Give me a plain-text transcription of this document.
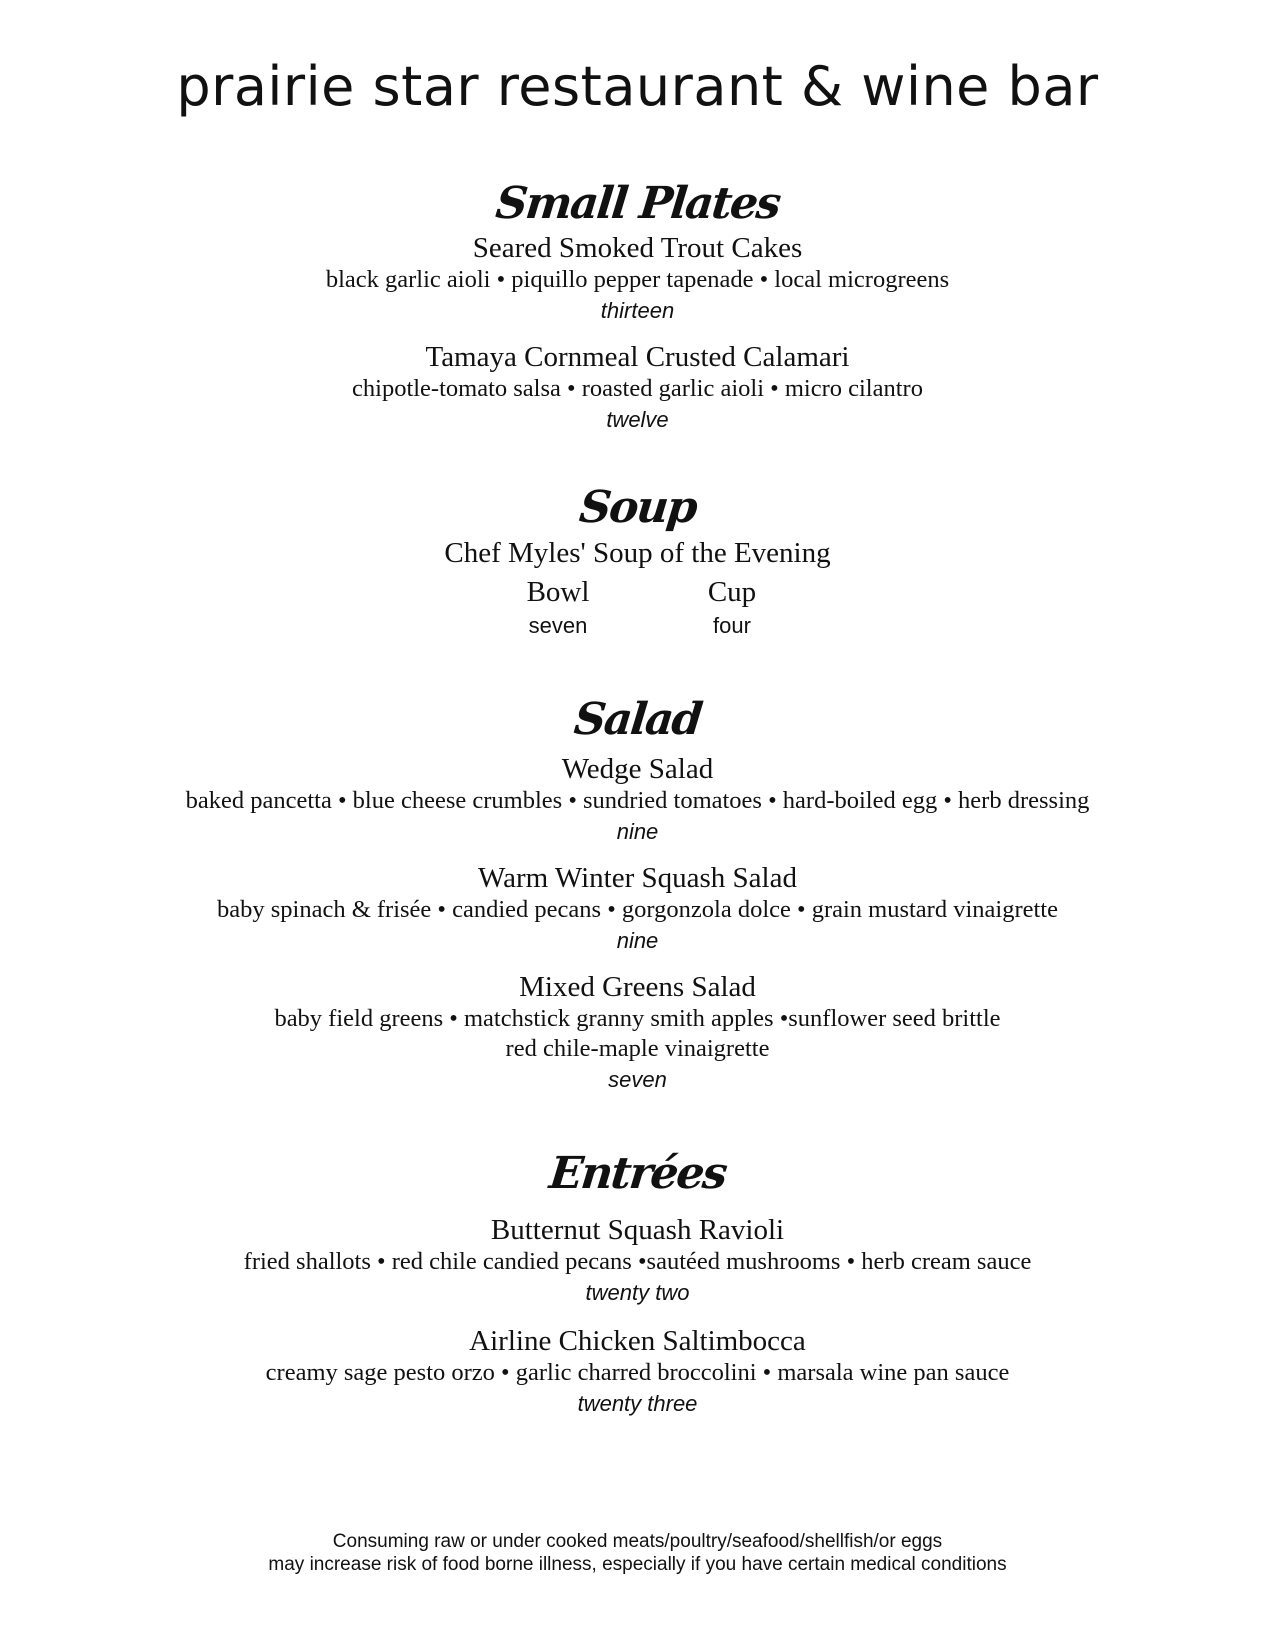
prairie star restaurant & wine bar
Small Plates
Seared Smoked Trout Cakes
black garlic aioli • piquillo pepper tapenade • local microgreens
thirteen
Tamaya Cornmeal Crusted Calamari
chipotle-tomato salsa • roasted garlic aioli • micro cilantro
twelve
Soup
Chef Myles' Soup of the Evening
Bowl
seven
Cup
four
Salad
Wedge Salad
baked pancetta • blue cheese crumbles • sundried tomatoes • hard-boiled egg • herb dressing
nine
Warm Winter Squash Salad
baby spinach & frisée • candied pecans • gorgonzola dolce • grain mustard vinaigrette
nine
Mixed Greens Salad
baby field greens • matchstick granny smith apples •sunflower seed brittle
red chile-maple vinaigrette
seven
Entrées
Butternut Squash Ravioli
fried shallots • red chile candied pecans •sautéed mushrooms • herb cream sauce
twenty two
Airline Chicken Saltimbocca
creamy sage pesto orzo • garlic charred broccolini • marsala wine pan sauce
twenty three
Consuming raw or under cooked meats/poultry/seafood/shellfish/or eggs
may increase risk of food borne illness, especially if you have certain medical conditions
